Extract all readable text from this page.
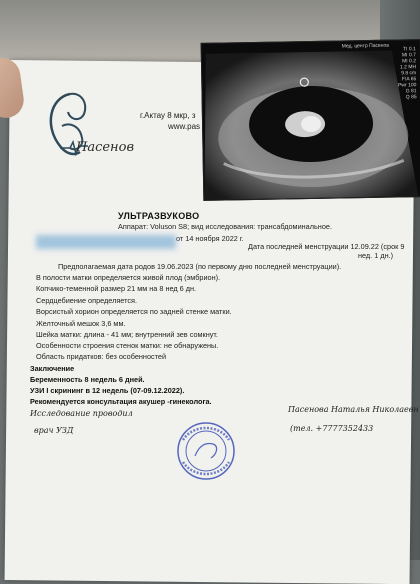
Пасенов
г.Актау 8 мкр, з
www.pas
Мед. центр Пасенов	TI 0.1
MI 0.7
MI 0.2
1.2 MH
9.8 cm
F/A 65
Pwr 100
G 81
Q 85
УЛЬТРАЗВУКОВО
Аппарат: Voluson S8; вид исследования: трансабдоминальное.
от 14 ноября 2022 г.
Дата последней менструации 12.09.22 (срок 9
нед. 1 дн.)
Предполагаемая дата родов 19.06.2023 (по первому дню последней менструации).
В полости матки определяется живой плод (эмбрион).
Копчико-теменной размер 21 мм на 8 нед 6 дн.
Сердцебиение определяется.
Ворсистый хорион определяется по задней стенке матки.
Желточный мешок 3,6 мм.
Шейка матки: длина - 41 мм; внутренний зев сомкнут.
Особенности строения стенок матки: не обнаружены.
Область придатков: без особенностей
Заключение
Беременность 8 недель 6 дней.
УЗИ I скрининг в 12 недель (07-09.12.2022).
Рекомендуется консультация акушер -гинеколога.
Исследование проводил
врач УЗД
Пасенова Наталья Николаевн
(тел. +7777352433
